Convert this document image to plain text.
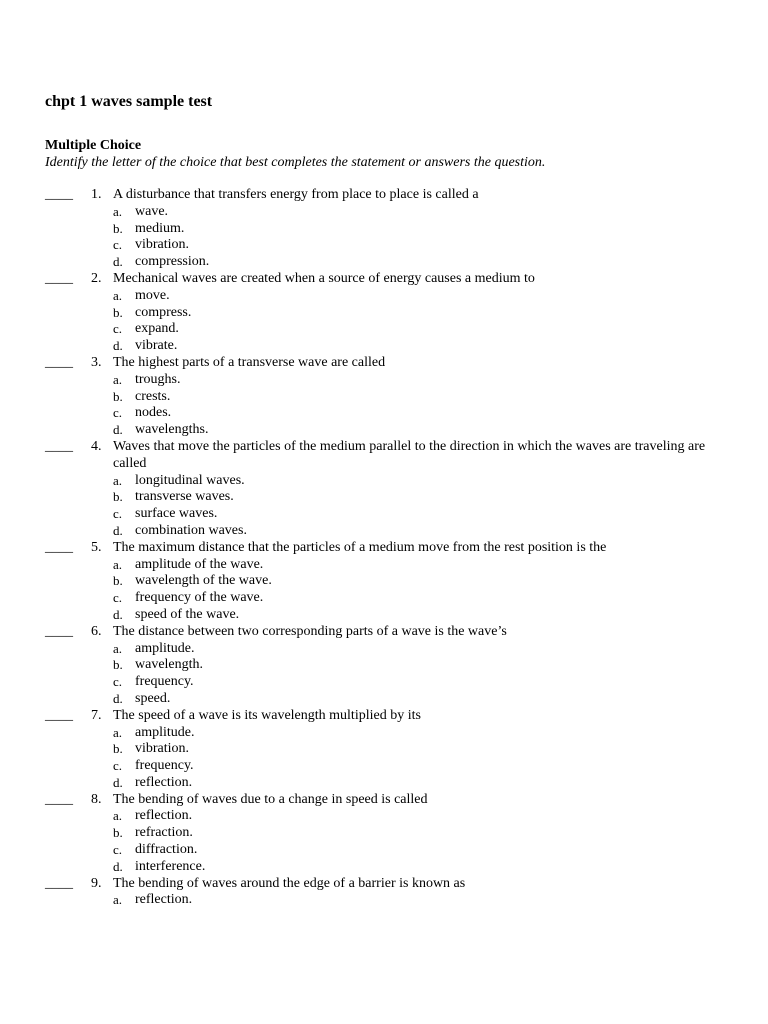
chpt 1 waves sample test
Multiple Choice
Identify the letter of the choice that best completes the statement or answers the question.
____ 1. A disturbance that transfers energy from place to place is called a
a. wave.
b. medium.
c. vibration.
d. compression.
____ 2. Mechanical waves are created when a source of energy causes a medium to
a. move.
b. compress.
c. expand.
d. vibrate.
____ 3. The highest parts of a transverse wave are called
a. troughs.
b. crests.
c. nodes.
d. wavelengths.
____ 4. Waves that move the particles of the medium parallel to the direction in which the waves are traveling are called
a. longitudinal waves.
b. transverse waves.
c. surface waves.
d. combination waves.
____ 5. The maximum distance that the particles of a medium move from the rest position is the
a. amplitude of the wave.
b. wavelength of the wave.
c. frequency of the wave.
d. speed of the wave.
____ 6. The distance between two corresponding parts of a wave is the wave’s
a. amplitude.
b. wavelength.
c. frequency.
d. speed.
____ 7. The speed of a wave is its wavelength multiplied by its
a. amplitude.
b. vibration.
c. frequency.
d. reflection.
____ 8. The bending of waves due to a change in speed is called
a. reflection.
b. refraction.
c. diffraction.
d. interference.
____ 9. The bending of waves around the edge of a barrier is known as
a. reflection.
